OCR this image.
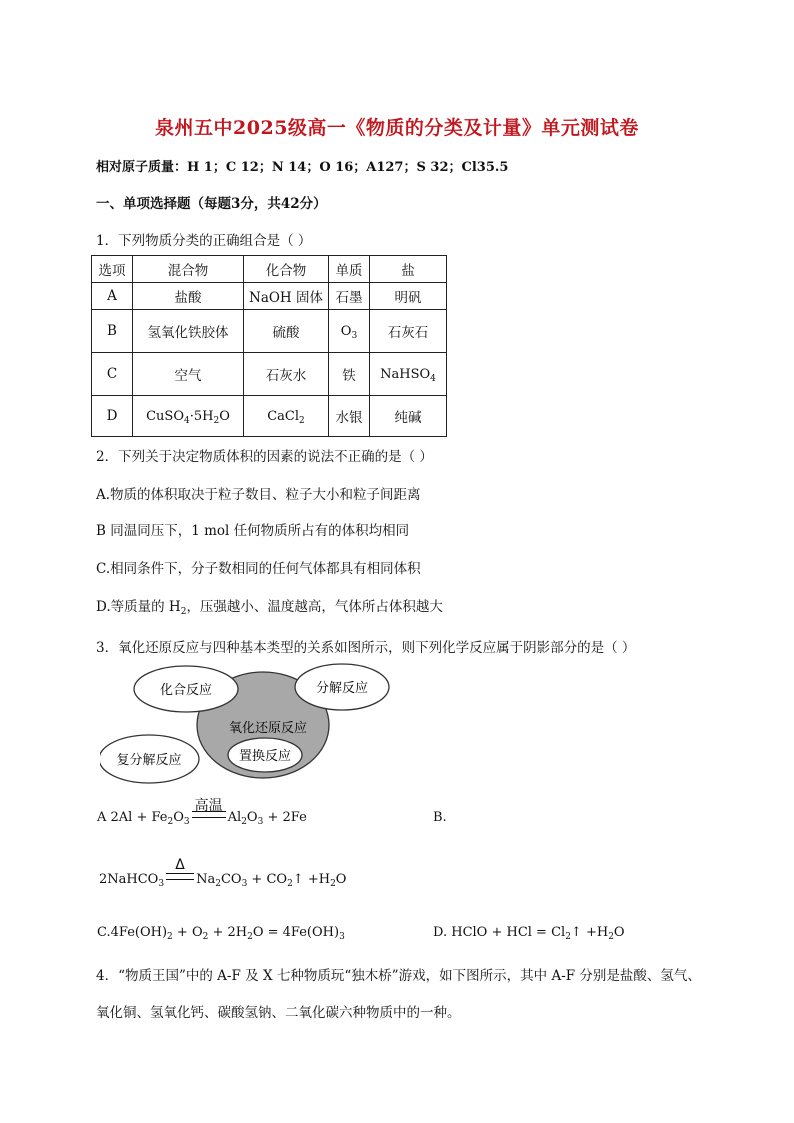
泉州五中2025级高一《物质的分类及计量》单元测试卷
相对原子质量：H 1；C 12；N 14；O 16；A127；S 32；Cl35.5
一、单项选择题（每题3分，共42分）
1．下列物质分类的正确组合是（ ）
选项	混合物	化合物	单质	盐
A	盐酸	NaOH 固体	石墨	明矾
B	氢氧化铁胶体	硫酸	$O_3$	石灰石
C	空气	石灰水	铁	NaHSO$_4$
D	$CuSO_4\cdot 5H_2O$	CaCl$_2$	水银	纯碱
2．下列关于决定物质体积的因素的说法不正确的是（ ）
A.物质的体积取决于粒子数目、粒子大小和粒子间距离
B 同温同压下，1 mol 任何物质所占有的体积均相同
C.相同条件下，分子数相同的任何气体都具有相同体积
D.等质量的 $H_2$，压强越小、温度越高，气体所占体积越大
3．氧化还原反应与四种基本类型的关系如图所示，则下列化学反应属于阴影部分的是（ ）
化合反应	分解反应
氧化还原反应
复分解反应	置换反应
A $2Al + Fe_2O_3$
高温
$Al_2O_3 + 2Fe$	B.
2NaHCO$_3$
Δ
$Na_2CO_3$ + $CO_2↑ +H_2O$
$C.4Fe(OH)_2 + O_2 + 2H_2O = 4Fe(OH)_3$	D. HClO + HCl = $Cl_2↑ +H_2O$
4．“物质王国”中的 A-F 及 X 七种物质玩“独木桥”游戏，如下图所示，其中 A-F 分别是盐酸、氢气、
氧化铜、氢氧化钙、碳酸氢钠、二氧化碳六种物质中的一种。
